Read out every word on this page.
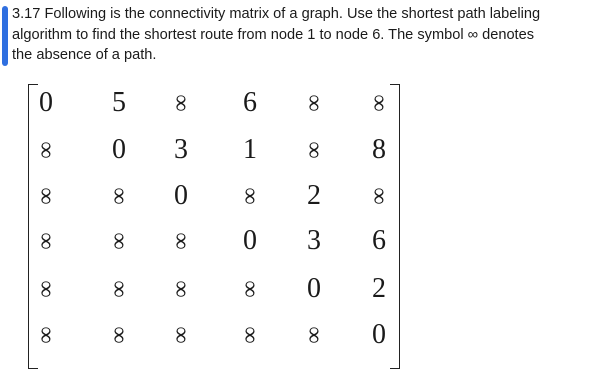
3.17 Following is the connectivity matrix of a graph. Use the shortest path labeling
algorithm to find the shortest route from node 1 to node 6. The symbol ∞ denotes
the absence of a path.
0	5	∞	6	∞	∞
∞	0	3	1	∞	8
∞	∞	0	∞	2	∞
∞	∞	∞	0	3	6
∞	∞	∞	∞	0	2
∞	∞	∞	∞	∞	0
